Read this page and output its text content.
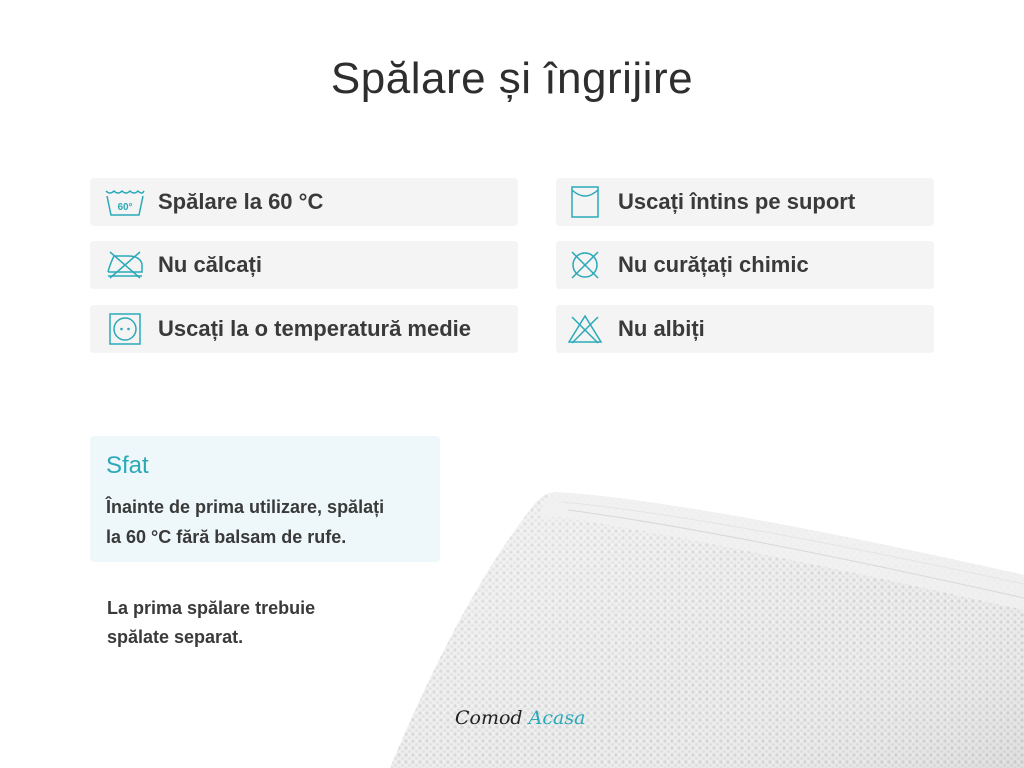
Spălare și îngrijire
60° Spălare la 60 °C
Nu călcați
Uscați la o temperatură medie
Uscați întins pe suport
Nu curățați chimic
Nu albiți
Sfat
Înainte de prima utilizare, spălați
la 60 °C fără balsam de rufe.
La prima spălare trebuie
spălate separat.
Comod Acasa
